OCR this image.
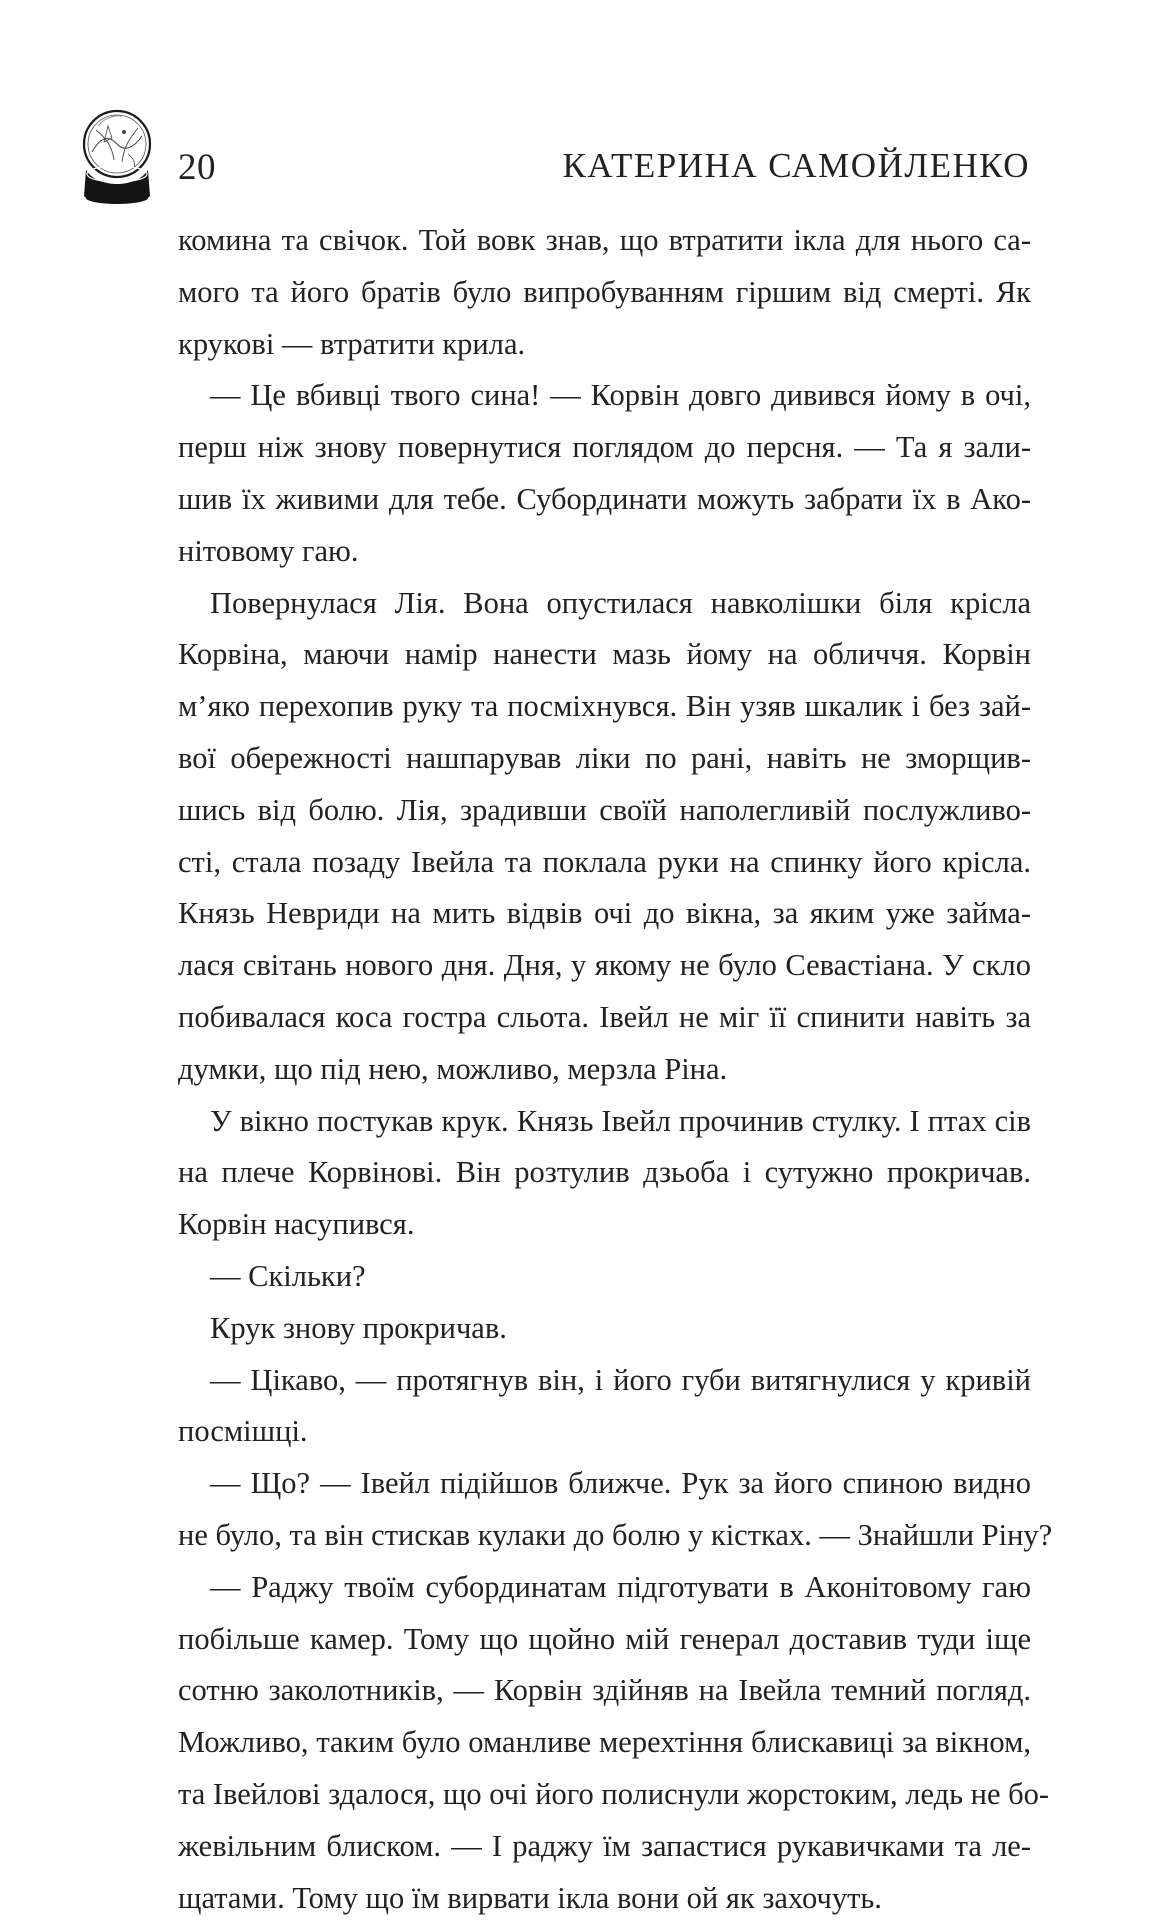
20	КАТЕРИНА САМОЙЛЕНКО
комина та свічок. Той вовк знав, що втратити ікла для нього са-
мого та його братів було випробуванням гіршим від смерті. Як
крукові — втратити крила.
— Це вбивці твого сина! — Корвін довго дивився йому в очі,
перш ніж знову повернутися поглядом до персня. — Та я зали-
шив їх живими для тебе. Субординати можуть забрати їх в Ако-
нітовому гаю.
Повернулася Лія. Вона опустилася навколішки біля крісла
Корвіна, маючи намір нанести мазь йому на обличчя. Корвін
м’яко перехопив руку та посміхнувся. Він узяв шкалик і без зай-
вої обережності нашпарував ліки по рані, навіть не зморщив-
шись від болю. Лія, зрадивши своїй наполегливій послужливо-
сті, стала позаду Івейла та поклала руки на спинку його крісла.
Князь Невриди на мить відвів очі до вікна, за яким уже займа-
лася світань нового дня. Дня, у якому не було Севастіана. У скло
побивалася коса гостра сльота. Івейл не міг її спинити навіть за
думки, що під нею, можливо, мерзла Ріна.
У вікно постукав крук. Князь Івейл прочинив стулку. І птах сів
на плече Корвінові. Він розтулив дзьоба і сутужно прокричав.
Корвін насупився.
— Скільки?
Крук знову прокричав.
— Цікаво, — протягнув він, і його губи витягнулися у кривій
посмішці.
— Що? — Івейл підійшов ближче. Рук за його спиною видно
не було, та він стискав кулаки до болю у кістках. — Знайшли Ріну?
— Раджу твоїм субординатам підготувати в Аконітовому гаю
побільше камер. Тому що щойно мій генерал доставив туди іще
сотню заколотників, — Корвін здійняв на Івейла темний погляд.
Можливо, таким було оманливе мерехтіння блискавиці за вікном,
та Івейлові здалося, що очі його полиснули жорстоким, ледь не бо-
жевільним блиском. — І раджу їм запастися рукавичками та ле-
щатами. Тому що їм вирвати ікла вони ой як захочуть.
